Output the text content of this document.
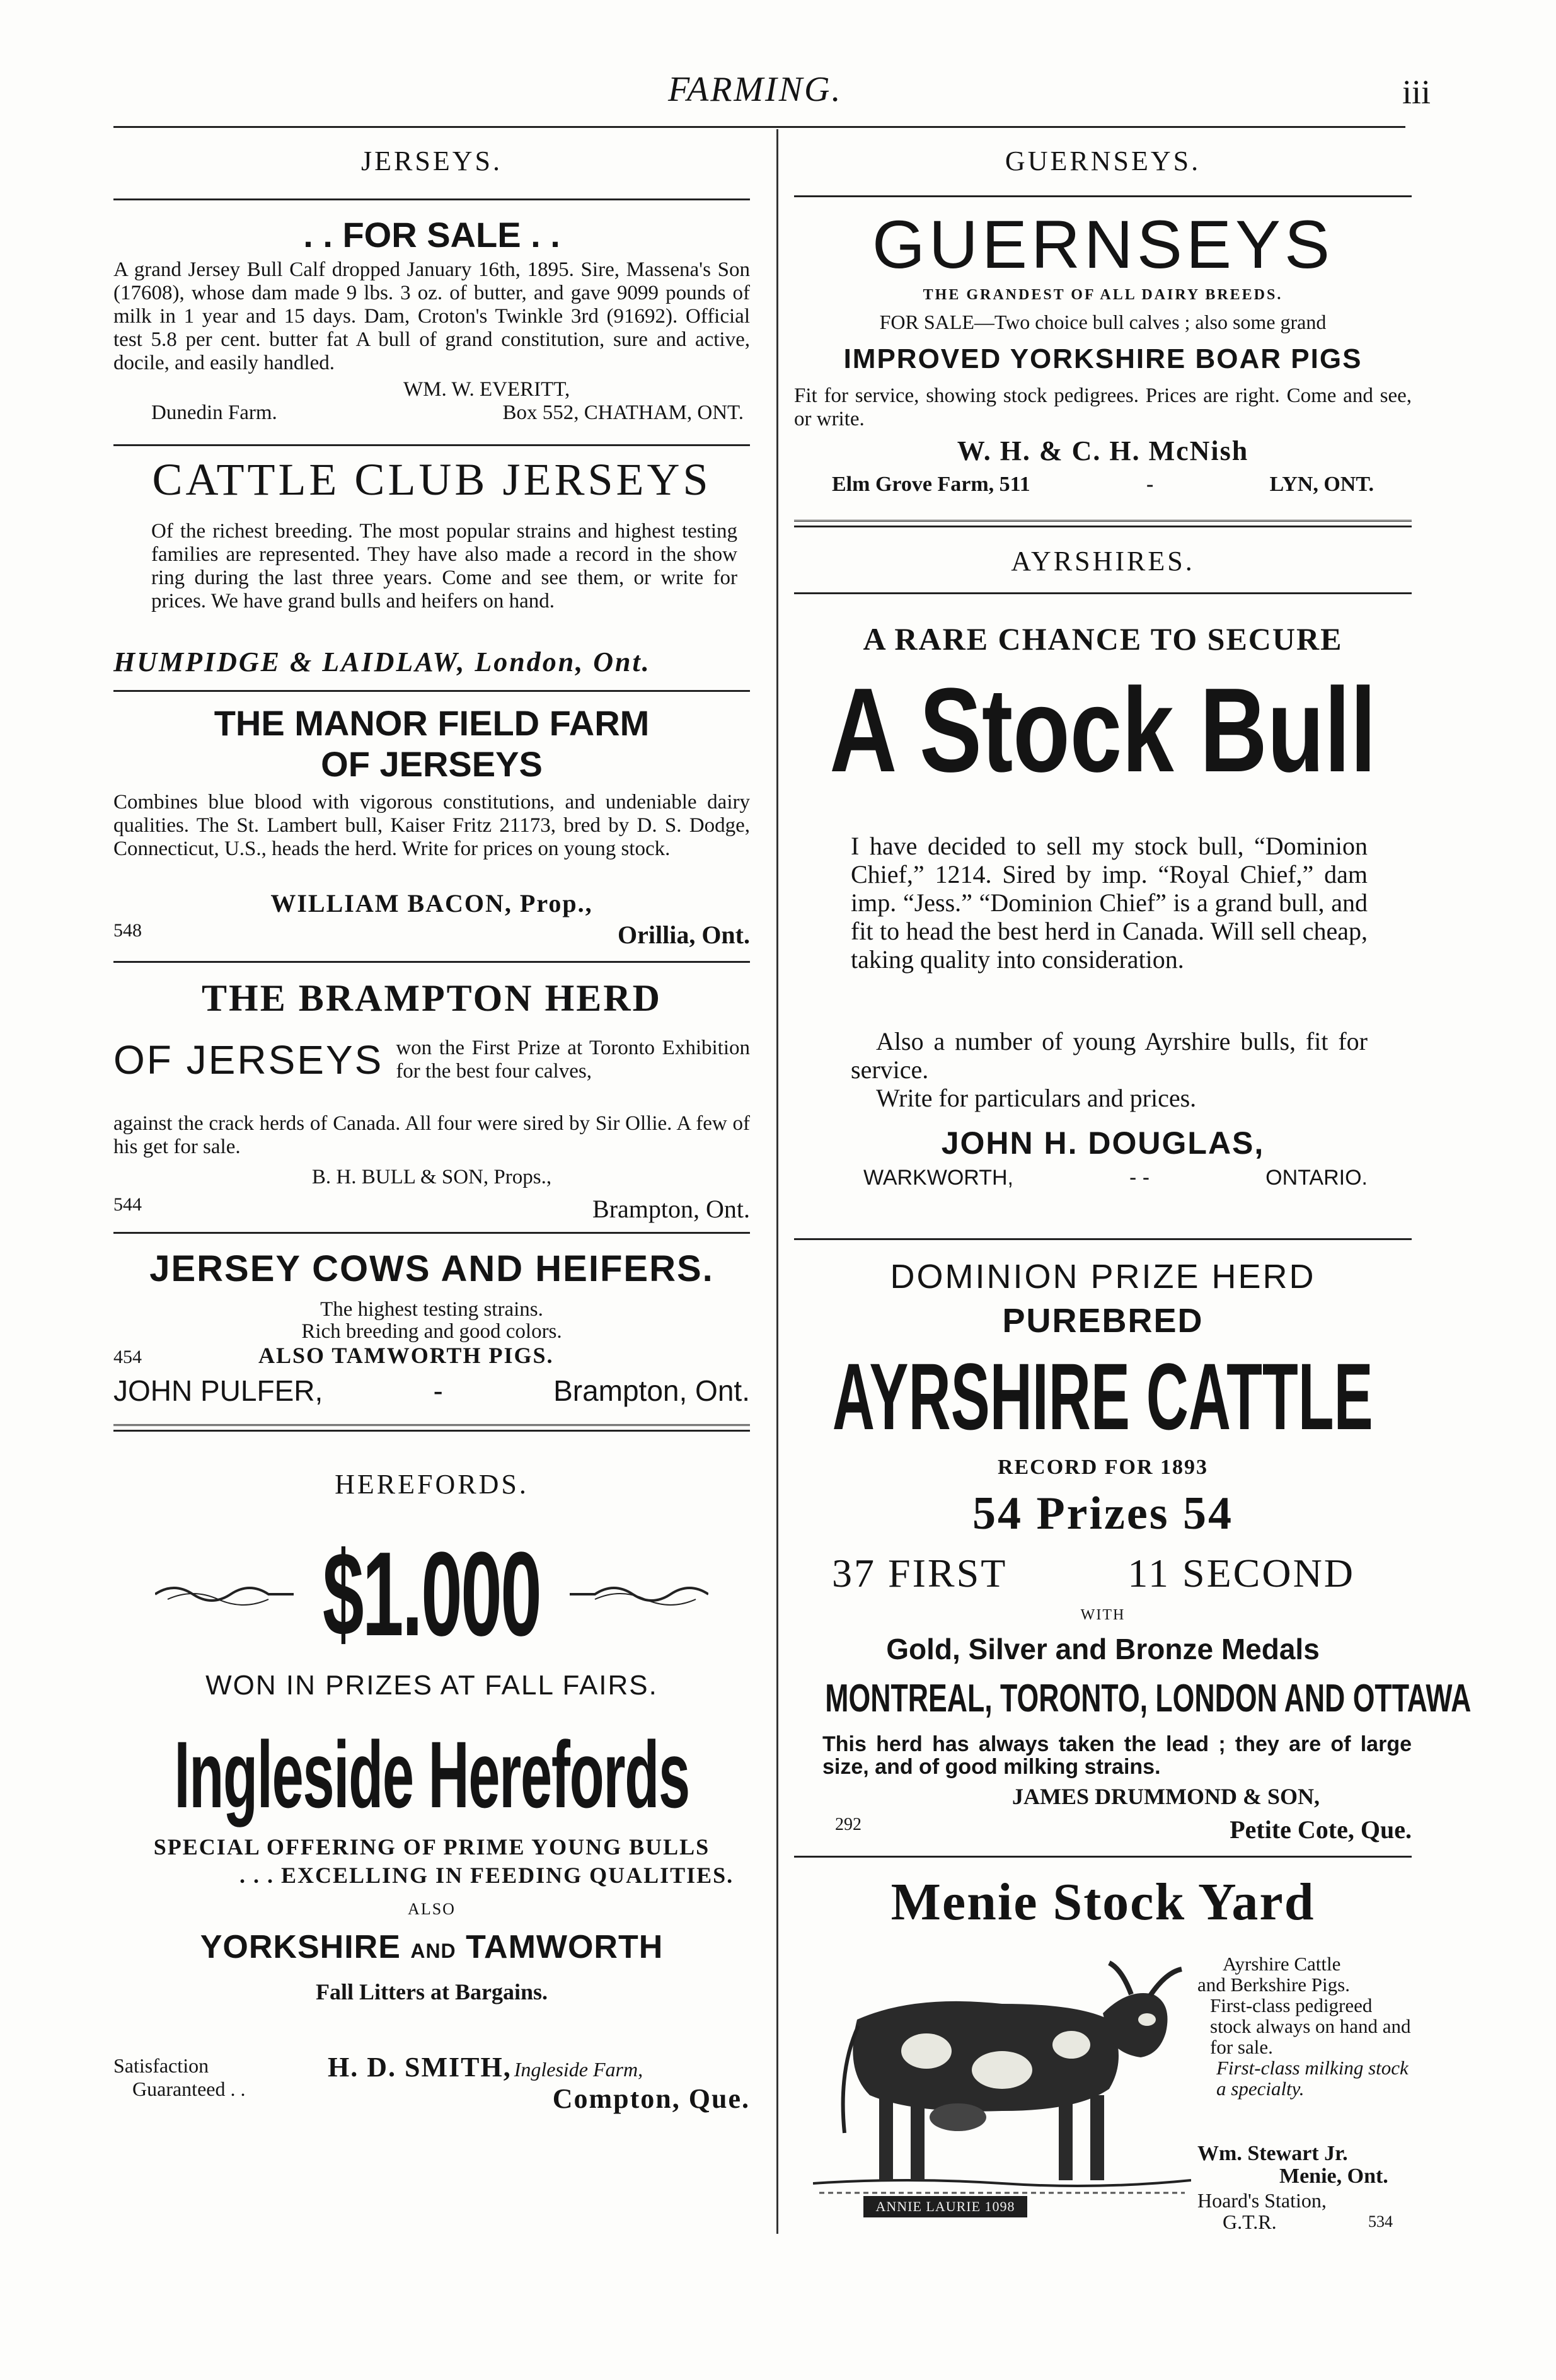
FARMING.	iii
JERSEYS.
. . FOR SALE . .
A grand Jersey Bull Calf dropped January 16th, 1895. Sire, Massena's Son (17608), whose dam made 9 lbs. 3 oz. of butter, and gave 9099 pounds of milk in 1 year and 15 days. Dam, Croton's Twinkle 3rd (91692). Official test 5.8 per cent. butter fat A bull of grand constitution, sure and active, docile, and easily handled.
WM. W. EVERITT,
Dunedin Farm.	Box 552, CHATHAM, ONT.
CATTLE CLUB JERSEYS
Of the richest breeding. The most popular strains and highest testing families are represented. They have also made a record in the show ring during the last three years. Come and see them, or write for prices. We have grand bulls and heifers on hand.
HUMPIDGE & LAIDLAW, London, Ont.
THE MANOR FIELD FARM
OF JERSEYS
Combines blue blood with vigorous constitutions, and undeniable dairy qualities. The St. Lambert bull, Kaiser Fritz 21173, bred by D. S. Dodge, Connecticut, U.S., heads the herd. Write for prices on young stock.
WILLIAM BACON, Prop.,
548	Orillia, Ont.
THE BRAMPTON HERD
OF JERSEYS won the First Prize at Toronto Exhibition for the best four calves,
against the crack herds of Canada. All four were sired by Sir Ollie. A few of his get for sale.
B. H. BULL & SON, Props.,
544	Brampton, Ont.
JERSEY COWS AND HEIFERS.
The highest testing strains.
Rich breeding and good colors.
454	ALSO TAMWORTH PIGS.
JOHN PULFER,	-	Brampton, Ont.
HEREFORDS.
$1.000
WON IN PRIZES AT FALL FAIRS.
Ingleside Herefords
SPECIAL OFFERING OF PRIME YOUNG BULLS
. . . EXCELLING IN FEEDING QUALITIES.
ALSO
YORKSHIRE AND TAMWORTH
Fall Litters at Bargains.
Satisfaction
Guaranteed . .
H. D. SMITH, Ingleside Farm,
Compton, Que.
GUERNSEYS.
GUERNSEYS
THE GRANDEST OF ALL DAIRY BREEDS.
FOR SALE—Two choice bull calves ; also some grand
IMPROVED YORKSHIRE BOAR PIGS
Fit for service, showing stock pedigrees. Prices are right. Come and see, or write.
W. H. & C. H. McNish
Elm Grove Farm, 511	-	LYN, ONT.
AYRSHIRES.
A RARE CHANCE TO SECURE
A Stock Bull
I have decided to sell my stock bull, “Dominion Chief,” 1214. Sired by imp. “Royal Chief,” dam imp. “Jess.” “Dominion Chief” is a grand bull, and fit to head the best herd in Canada. Will sell cheap, taking quality into consideration.
Also a number of young Ayrshire bulls, fit for service.
Write for particulars and prices.
JOHN H. DOUGLAS,
WARKWORTH,	- -	ONTARIO.
DOMINION PRIZE HERD
PUREBRED
AYRSHIRE CATTLE
RECORD FOR 1893
54 Prizes 54
37 FIRST	11 SECOND
WITH
Gold, Silver and Bronze Medals
MONTREAL, TORONTO, LONDON AND OTTAWA
This herd has always taken the lead ; they are of large size, and of good milking strains.
JAMES DRUMMOND & SON,
292	Petite Cote, Que.
Menie Stock Yard
ANNIE LAURIE 1098
Ayrshire Cattle
and Berkshire Pigs.
First-class pedigreed stock always on hand and for sale.
First-class milking stock a specialty.
Wm. Stewart Jr.
Menie, Ont.
Hoard's Station,
G.T.R.	534
